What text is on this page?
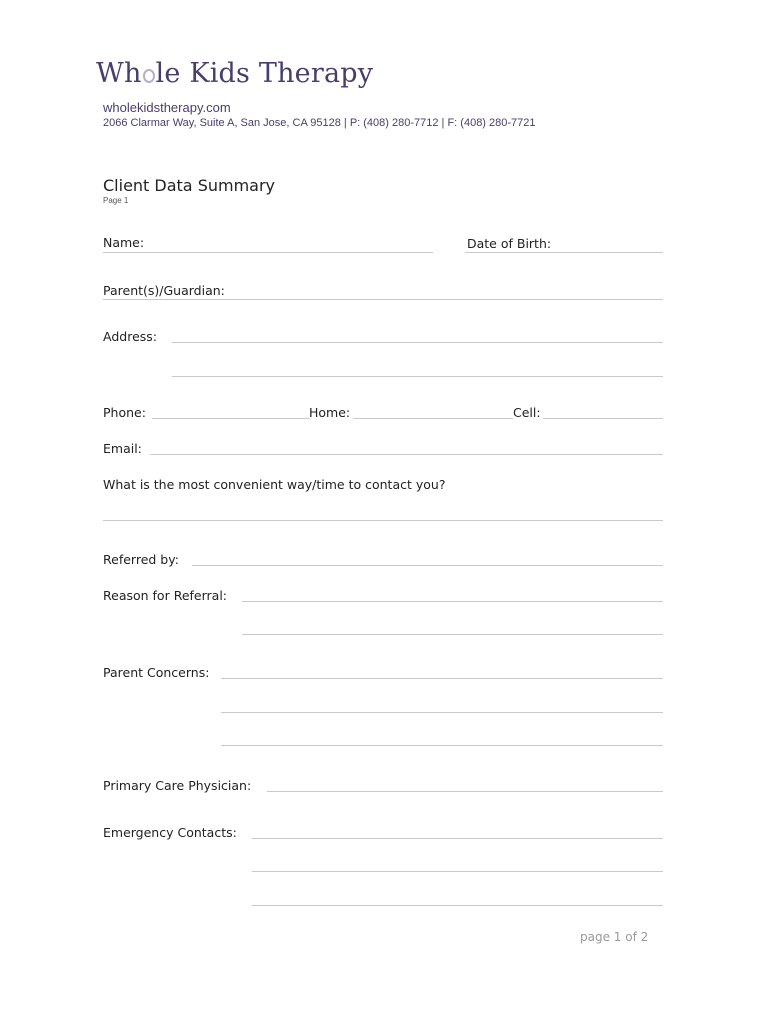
Wh le Kids Therapy
wholekidstherapy.com
2066 Clarmar Way, Suite A, San Jose, CA 95128 | P: (408) 280-7712 | F: (408) 280-7721
Client Data Summary
Page 1
Name:	Date of Birth:
Parent(s)/Guardian:
Address:
Phone:	Home:	Cell:
Email:
What is the most convenient way/time to contact you?
Referred by:
Reason for Referral:
Parent Concerns:
Primary Care Physician:
Emergency Contacts:
page 1 of 2
